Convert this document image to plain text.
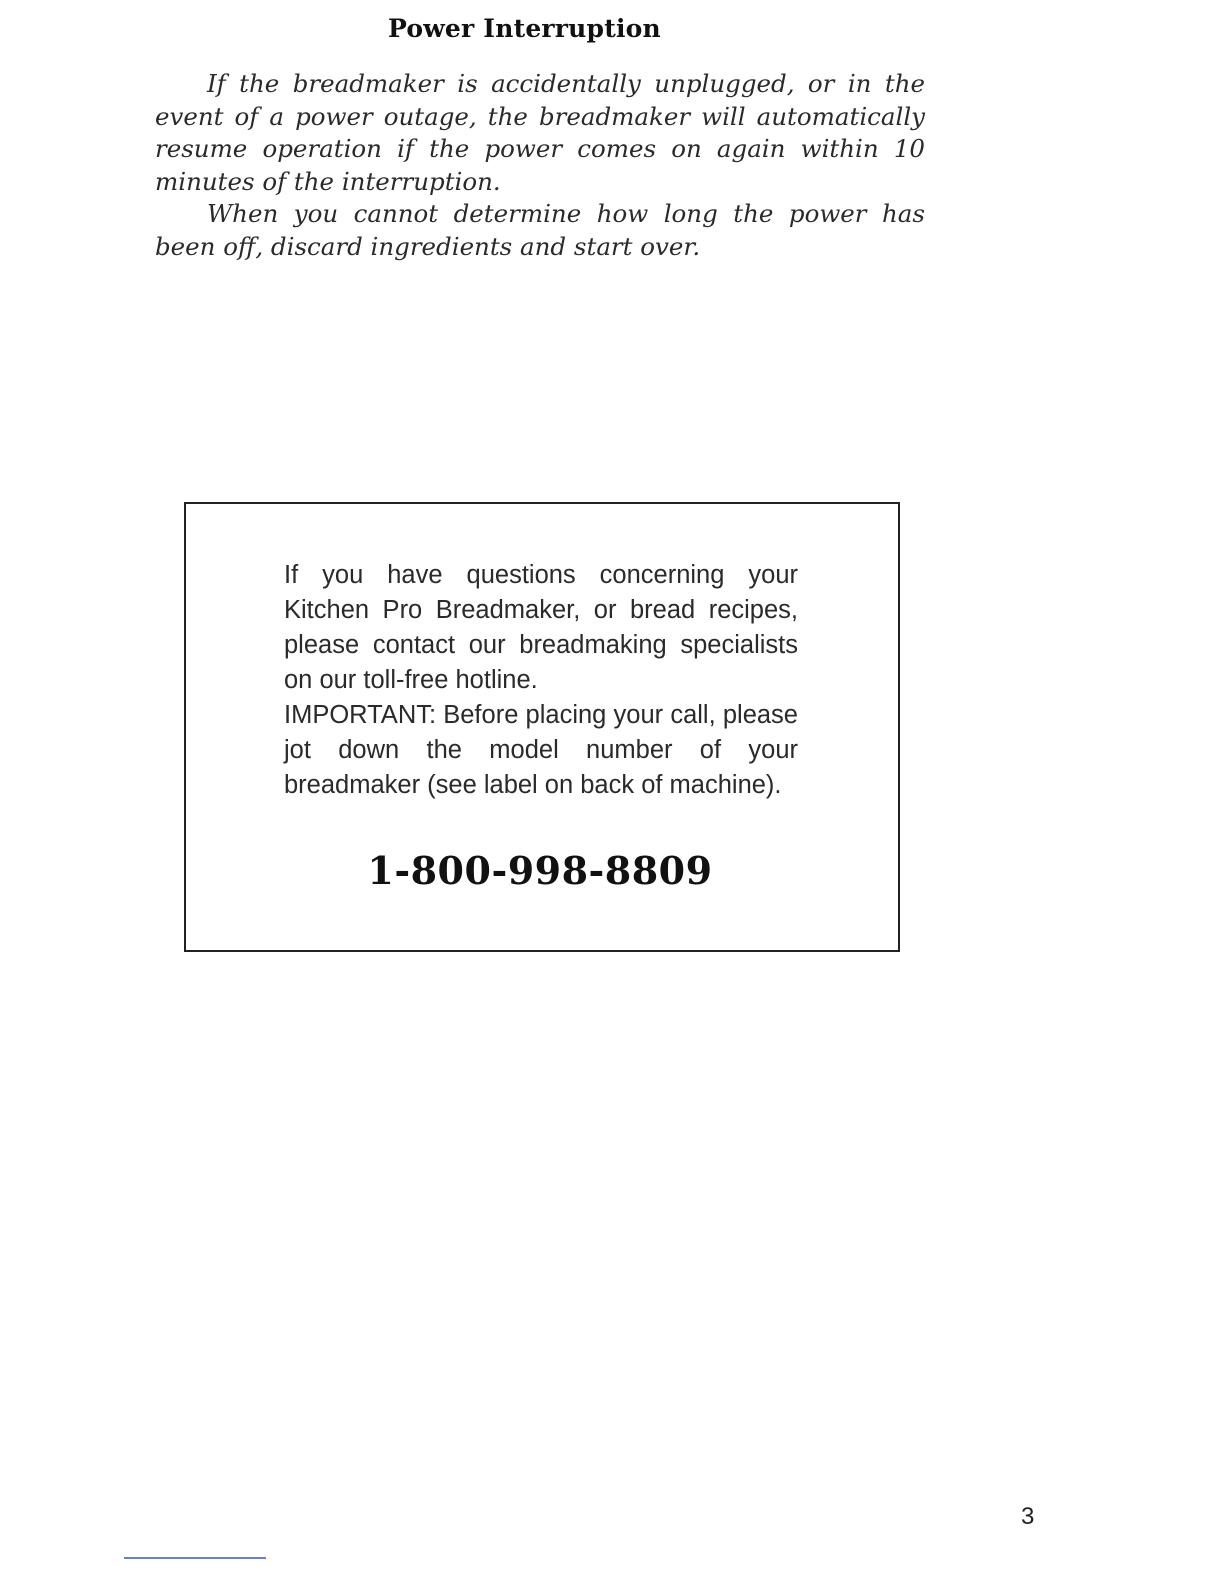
Power Interruption

If the breadmaker is accidentally unplugged, or in the event of a power outage, the breadmaker will automatically resume operation if the power comes on again within 10 minutes of the interruption.

When you cannot determine how long the power has been off, discard ingredients and start over.

If you have questions concerning your Kitchen Pro Breadmaker, or bread recipes, please contact our breadmaking specialists on our toll-free hotline.

IMPORTANT: Before placing your call, please jot down the model number of your breadmaker (see label on back of machine).

1-800-998-8809
3
